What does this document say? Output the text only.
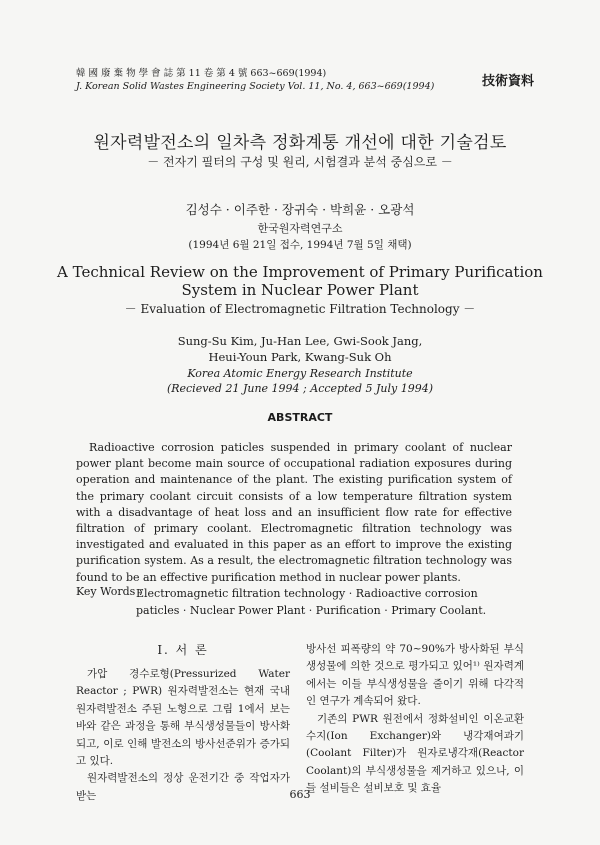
韓 國 廢 棄 物 學 會 誌 第 11 卷 第 4 號 663~669(1994)
J. Korean Solid Wastes Engineering Society Vol. 11, No. 4, 663~669(1994)	技術資料
원자력발전소의 일차측 정화계통 개선에 대한 기술검토
－ 전자기 필터의 구성 및 원리, 시험결과 분석 중심으로 －
김성수 · 이주한 · 장귀숙 · 박희윤 · 오광석
한국원자력연구소
(1994년 6월 21일 접수, 1994년 7월 5일 채택)
A Technical Review on the Improvement of Primary Purification
System in Nuclear Power Plant
－ Evaluation of Electromagnetic Filtration Technology －
Sung-Su Kim, Ju-Han Lee, Gwi-Sook Jang,
Heui-Youn Park, Kwang-Suk Oh
Korea Atomic Energy Research Institute
(Recieved 21 June 1994 ; Accepted 5 July 1994)
ABSTRACT

Radioactive corrosion paticles suspended in primary coolant of nuclear power plant become main source of occupational radiation exposures during operation and maintenance of the plant. The existing purification system of the primary coolant circuit consists of a low temperature filtration system with a disadvantage of heat loss and an insufficient flow rate for effective filtration of primary coolant. Electromagnetic filtration technology was investigated and evaluated in this paper as an effort to improve the existing purification system. As a result, the electromagnetic filtration technology was found to be an effective purification method in nuclear power plants.

Key Words :
Electromagnetic filtration technology · Radioactive corrosion paticles · Nuclear Power Plant · Purification · Primary Coolant.
Ⅰ. 서 론

가압 경수로형(Pressurized Water Reactor ; PWR) 원자력발전소는 현재 국내 원자력발전소 주된 노형으로 그림 1에서 보는 바와 같은 과정을 통해 부식생성물들이 방사화되고, 이로 인해 발전소의 방사선준위가 증가되고 있다.

원자력발전소의 정상 운전기간 중 작업자가 받는

방사선 피폭량의 약 70~90%가 방사화된 부식생성물에 의한 것으로 평가되고 있어¹⁾ 원자력계에서는 이들 부식생성물을 줄이기 위해 다각적인 연구가 계속되어 왔다.

기존의 PWR 원전에서 정화설비인 이온교환수지(Ion Exchanger)와 냉각재여과기(Coolant Filter)가 원자로냉각재(Reactor Coolant)의 부식생성물을 제거하고 있으나, 이들 설비들은 설비보호 및 효율

663
